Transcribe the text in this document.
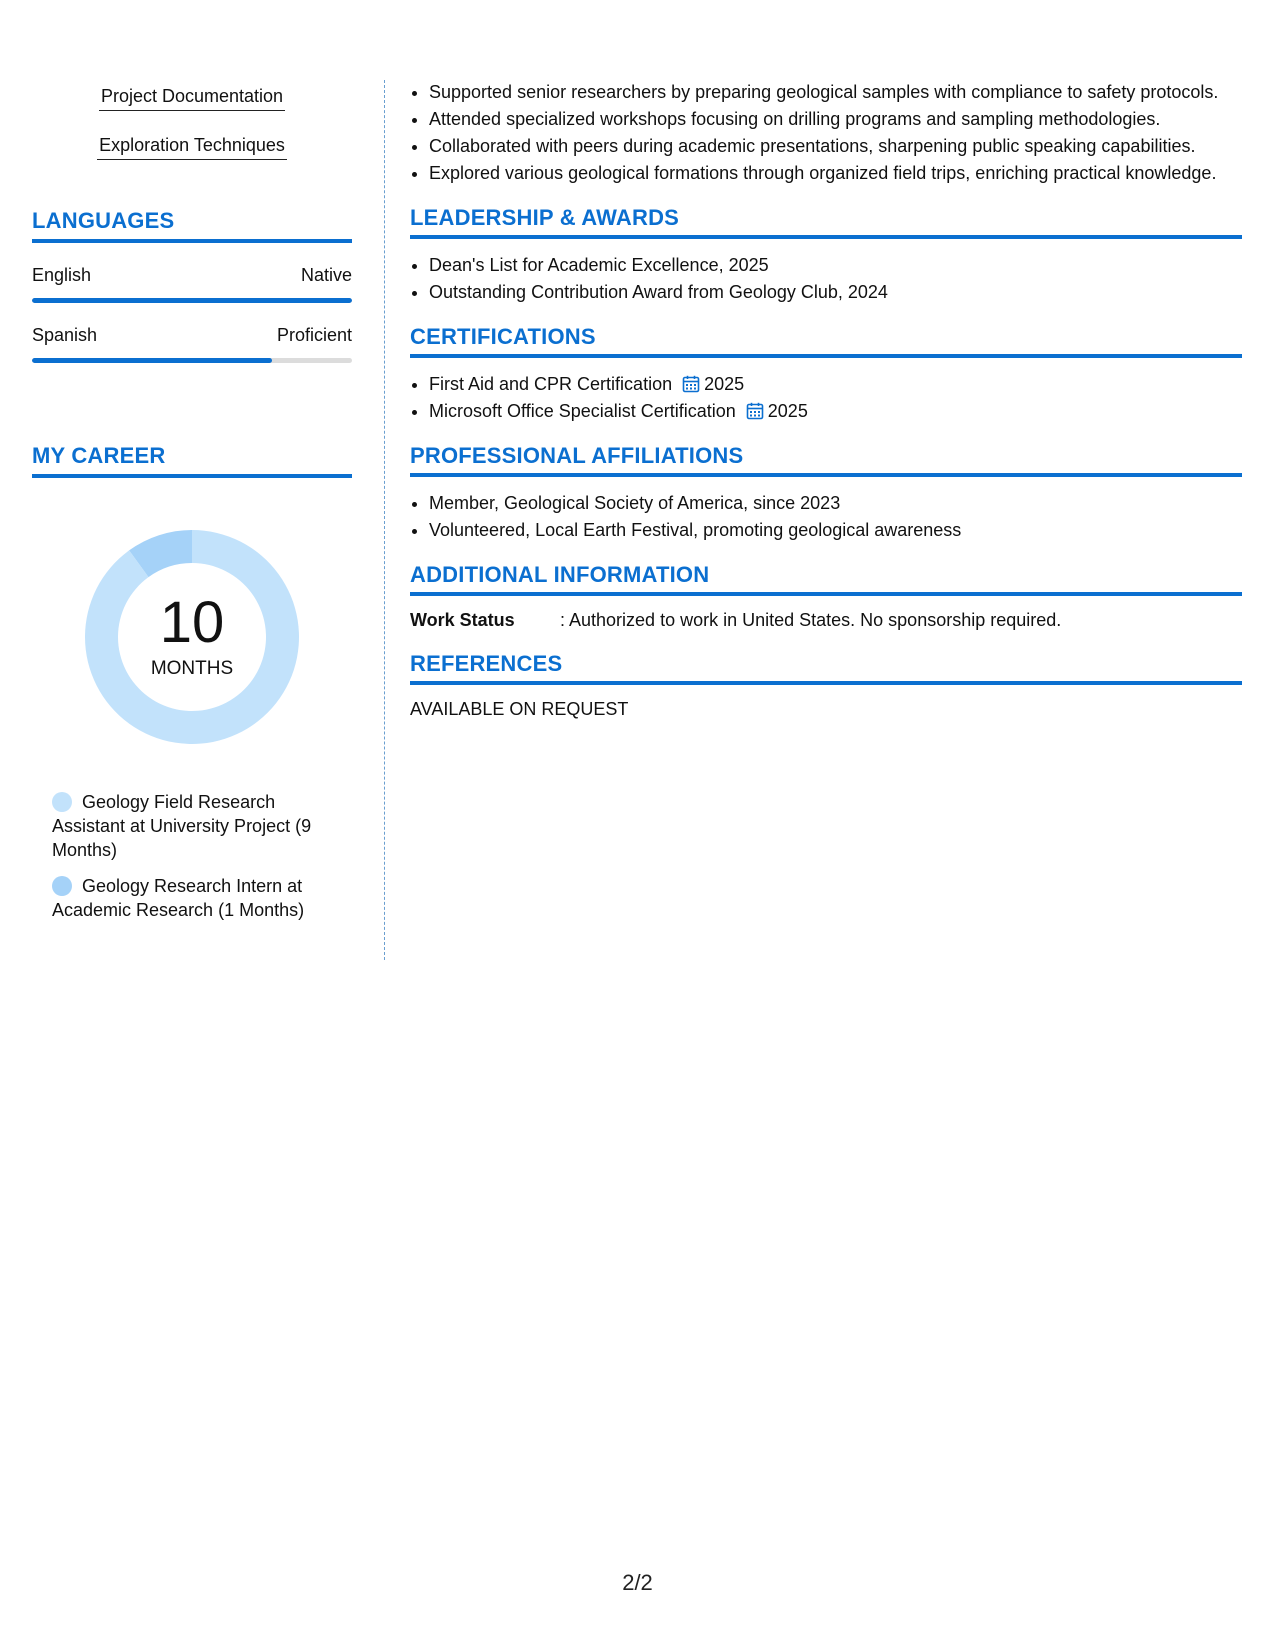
Project Documentation
Exploration Techniques
LANGUAGES
English	Native
Spanish	Proficient
MY CAREER
10
MONTHS
Geology Field Research Assistant at University Project (9 Months)
Geology Research Intern at Academic Research (1 Months)
• Supported senior researchers by preparing geological samples with compliance to safety protocols.
• Attended specialized workshops focusing on drilling programs and sampling methodologies.
• Collaborated with peers during academic presentations, sharpening public speaking capabilities.
• Explored various geological formations through organized field trips, enriching practical knowledge.
LEADERSHIP & AWARDS
• Dean's List for Academic Excellence, 2025
• Outstanding Contribution Award from Geology Club, 2024
CERTIFICATIONS
• First Aid and CPR Certification 2025
• Microsoft Office Specialist Certification 2025
PROFESSIONAL AFFILIATIONS
• Member, Geological Society of America, since 2023
• Volunteered, Local Earth Festival, promoting geological awareness
ADDITIONAL INFORMATION
Work Status	: Authorized to work in United States. No sponsorship required.
REFERENCES
AVAILABLE ON REQUEST
2/2
